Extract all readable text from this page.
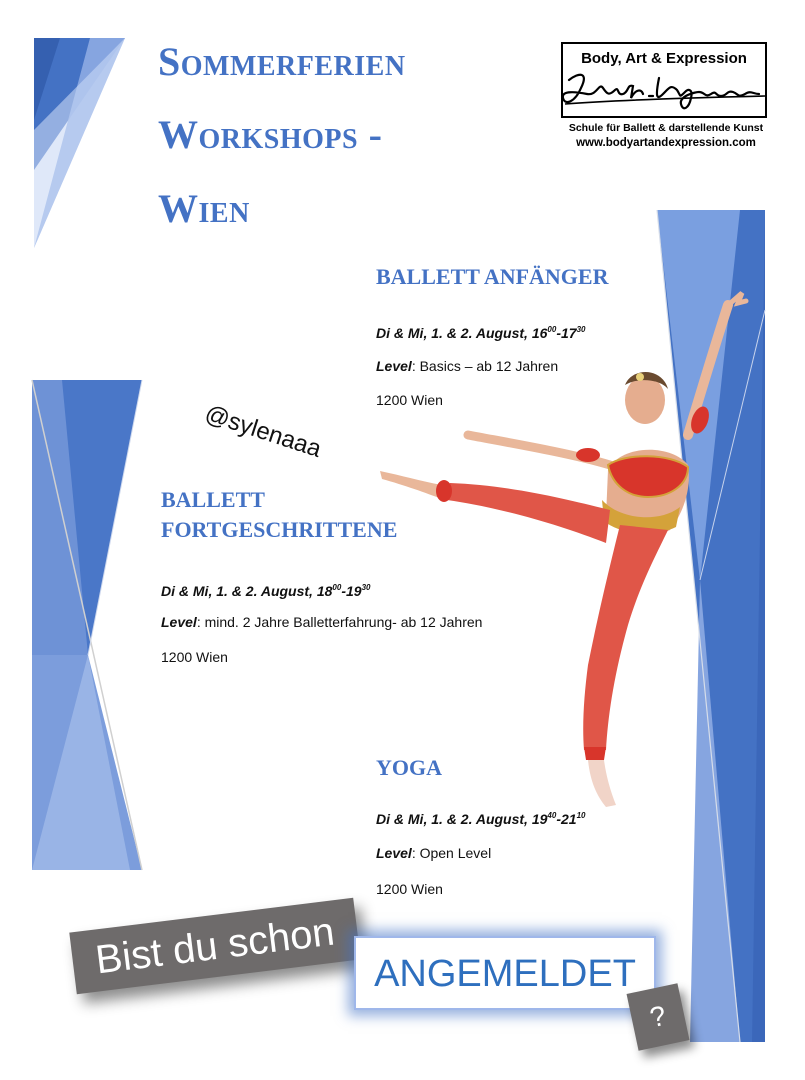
Sommerferien
Workshops -
Wien
Body, Art & Expression
Schule für Ballett & darstellende Kunst
www.bodyartandexpression.com
BALLETT ANFÄNGER
Di & Mi, 1. & 2. August, $16^{00}-17^{30}$
Level: Basics – ab 12 Jahren
1200 Wien
@sylenaaa
BALLETT
FORTGESCHRITTENE
Di & Mi, 1. & 2. August, $18^{00}-19^{30}$
Level: mind. 2 Jahre Balletterfahrung- ab 12 Jahren
1200 Wien
YOGA
Di & Mi, 1. & 2. August, $19^{40}-21^{10}$
Level: Open Level
1200 Wien
Bist du schon ANGEMELDET
?
